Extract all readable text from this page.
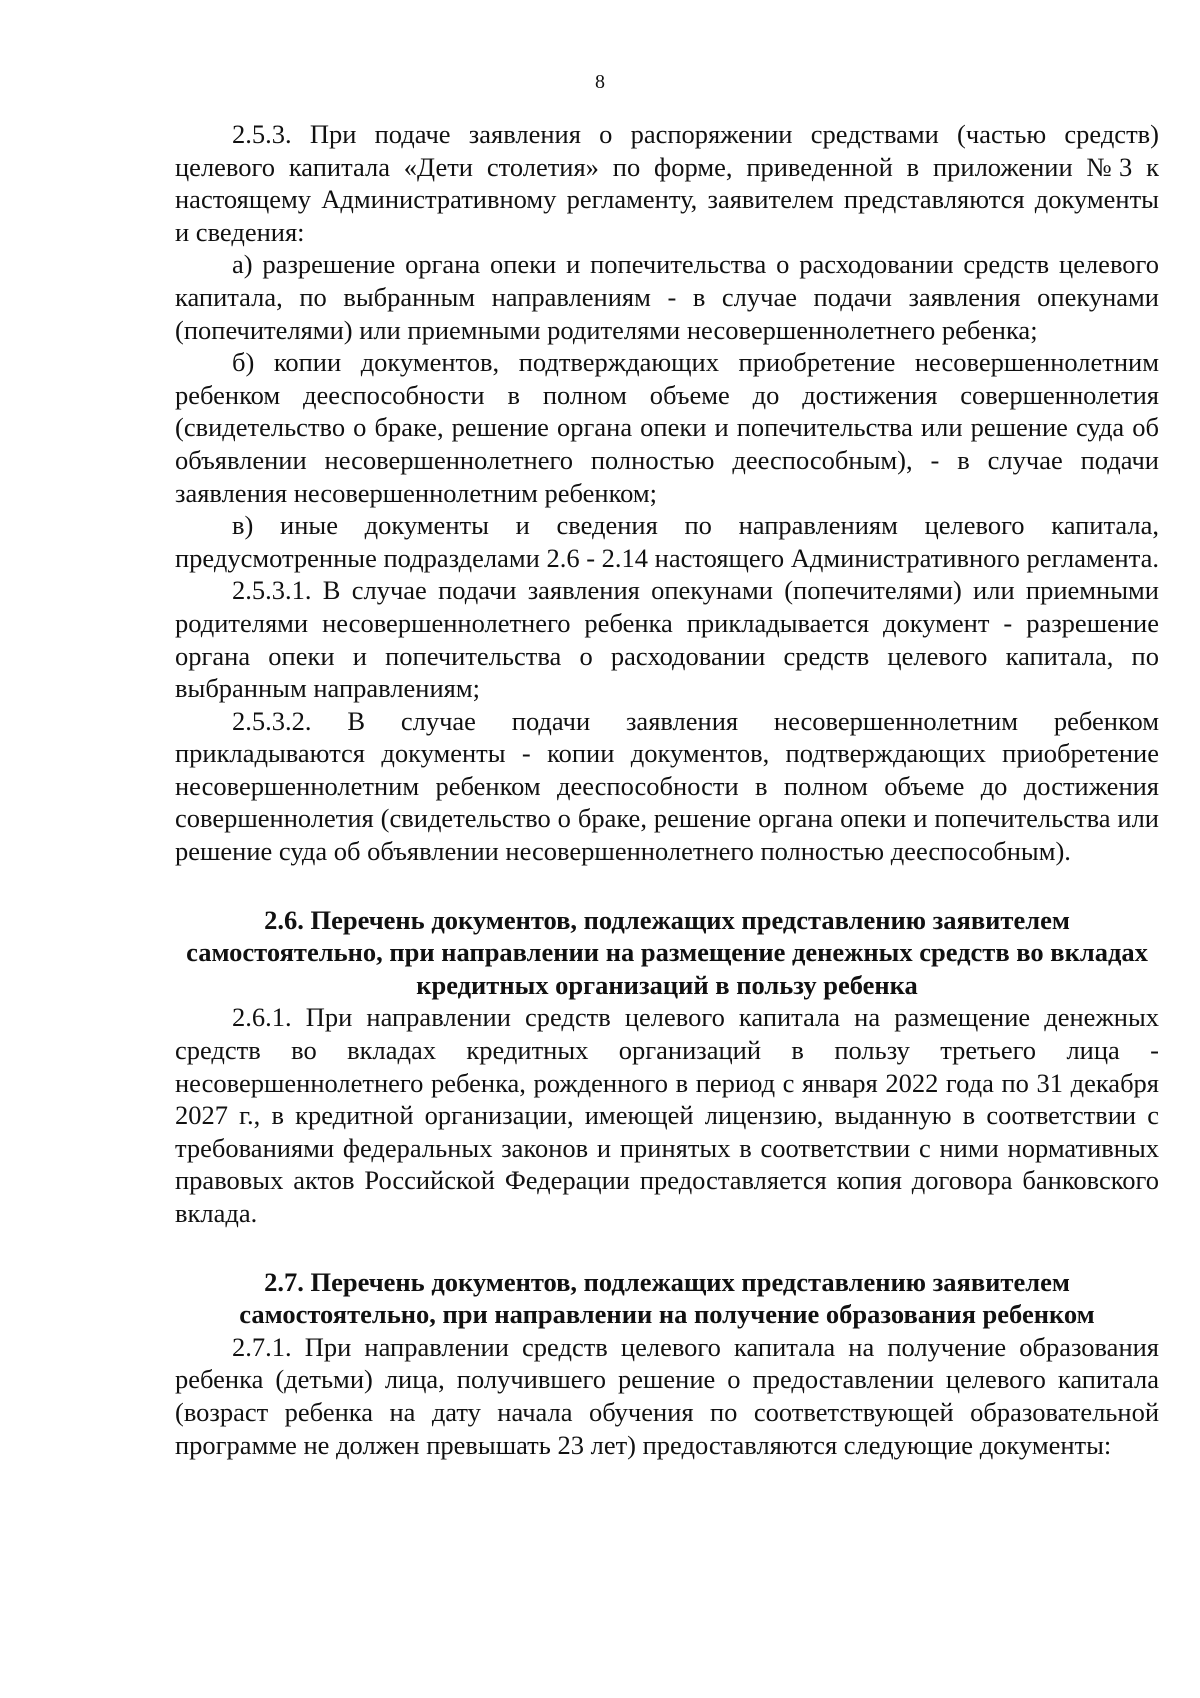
8

2.5.3. При подаче заявления о распоряжении средствами (частью средств) целевого капитала «Дети столетия» по форме, приведенной в приложении №3 к настоящему Административному регламенту, заявителем представляются документы и сведения:

а) разрешение органа опеки и попечительства о расходовании средств целевого капитала, по выбранным направлениям - в случае подачи заявления опекунами (попечителями) или приемными родителями несовершеннолетнего ребенка;

б) копии документов, подтверждающих приобретение несовершеннолетним ребенком дееспособности в полном объеме до достижения совершеннолетия (свидетельство о браке, решение органа опеки и попечительства или решение суда об объявлении несовершеннолетнего полностью дееспособным), - в случае подачи заявления несовершеннолетним ребенком;

в) иные документы и сведения по направлениям целевого капитала, предусмотренные подразделами 2.6 - 2.14 настоящего Административного регламента.

2.5.3.1. В случае подачи заявления опекунами (попечителями) или приемными родителями несовершеннолетнего ребенка прикладывается документ - разрешение органа опеки и попечительства о расходовании средств целевого капитала, по выбранным направлениям;

2.5.3.2. В случае подачи заявления несовершеннолетним ребенком прикладываются документы - копии документов, подтверждающих приобретение несовершеннолетним ребенком дееспособности в полном объеме до достижения совершеннолетия (свидетельство о браке, решение органа опеки и попечительства или решение суда об объявлении несовершеннолетнего полностью дееспособным).

2.6. Перечень документов, подлежащих представлению заявителем самостоятельно, при направлении на размещение денежных средств во вкладах кредитных организаций в пользу ребенка

2.6.1. При направлении средств целевого капитала на размещение денежных средств во вкладах кредитных организаций в пользу третьего лица - несовершеннолетнего ребенка, рожденного в период с января 2022 года по 31 декабря 2027 г., в кредитной организации, имеющей лицензию, выданную в соответствии с требованиями федеральных законов и принятых в соответствии с ними нормативных правовых актов Российской Федерации предоставляется копия договора банковского вклада.

2.7. Перечень документов, подлежащих представлению заявителем самостоятельно, при направлении на получение образования ребенком

2.7.1. При направлении средств целевого капитала на получение образования ребенка (детьми) лица, получившего решение о предоставлении целевого капитала (возраст ребенка на дату начала обучения по соответствующей образовательной программе не должен превышать 23 лет) предоставляются следующие документы:
